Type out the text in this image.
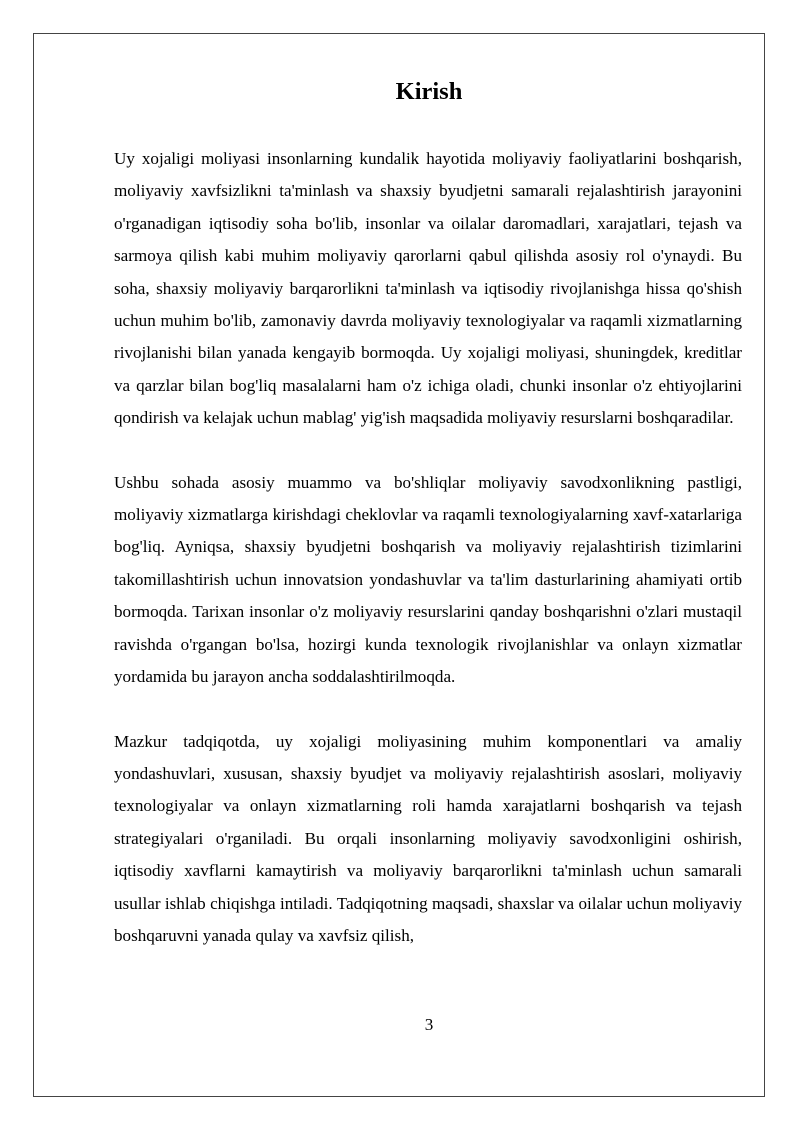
Kirish

Uy xojaligi moliyasi insonlarning kundalik hayotida moliyaviy faoliyatlarini boshqarish, moliyaviy xavfsizlikni ta'minlash va shaxsiy byudjetni samarali rejalashtirish jarayonini o'rganadigan iqtisodiy soha bo'lib, insonlar va oilalar daromadlari, xarajatlari, tejash va sarmoya qilish kabi muhim moliyaviy qarorlarni qabul qilishda asosiy rol o'ynaydi. Bu soha, shaxsiy moliyaviy barqarorlikni ta'minlash va iqtisodiy rivojlanishga hissa qo'shish uchun muhim bo'lib, zamonaviy davrda moliyaviy texnologiyalar va raqamli xizmatlarning rivojlanishi bilan yanada kengayib bormoqda. Uy xojaligi moliyasi, shuningdek, kreditlar va qarzlar bilan bog'liq masalalarni ham o'z ichiga oladi, chunki insonlar o'z ehtiyojlarini qondirish va kelajak uchun mablag' yig'ish maqsadida moliyaviy resurslarni boshqaradilar.

Ushbu sohada asosiy muammo va bo'shliqlar moliyaviy savodxonlikning pastligi, moliyaviy xizmatlarga kirishdagi cheklovlar va raqamli texnologiyalarning xavf-xatarlariga bog'liq. Ayniqsa, shaxsiy byudjetni boshqarish va moliyaviy rejalashtirish tizimlarini takomillashtirish uchun innovatsion yondashuvlar va ta'lim dasturlarining ahamiyati ortib bormoqda. Tarixan insonlar o'z moliyaviy resurslarini qanday boshqarishni o'zlari mustaqil ravishda o'rgangan bo'lsa, hozirgi kunda texnologik rivojlanishlar va onlayn xizmatlar yordamida bu jarayon ancha soddalashtirilmoqda.

Mazkur tadqiqotda, uy xojaligi moliyasining muhim komponentlari va amaliy yondashuvlari, xususan, shaxsiy byudjet va moliyaviy rejalashtirish asoslari, moliyaviy texnologiyalar va onlayn xizmatlarning roli hamda xarajatlarni boshqarish va tejash strategiyalari o'rganiladi. Bu orqali insonlarning moliyaviy savodxonligini oshirish, iqtisodiy xavflarni kamaytirish va moliyaviy barqarorlikni ta'minlash uchun samarali usullar ishlab chiqishga intiladi. Tadqiqotning maqsadi, shaxslar va oilalar uchun moliyaviy boshqaruvni yanada qulay va xavfsiz qilish,

3
